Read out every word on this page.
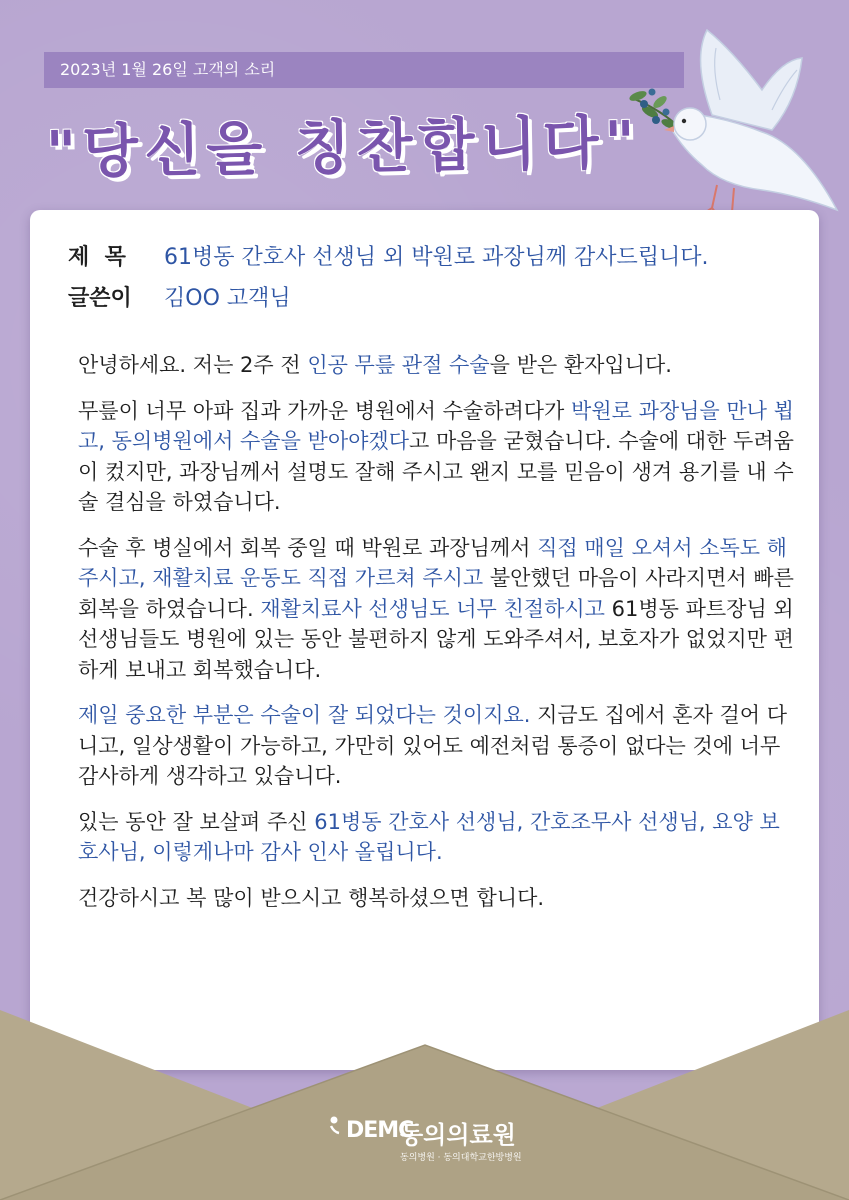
2023년 1월 26일 고객의 소리
"당신을 칭찬합니다"
제  목	61병동 간호사 선생님 외 박원로 과장님께 감사드립니다.
글쓴이	김OO 고객님

안녕하세요. 저는 2주 전 인공 무릎 관절 수술을 받은 환자입니다.

무릎이 너무 아파 집과 가까운 병원에서 수술하려다가 박원로 과장님을 만나 뵙고, 동의병원에서 수술을 받아야겠다고 마음을 굳혔습니다. 수술에 대한 두려움이 컸지만, 과장님께서 설명도 잘해 주시고 왠지 모를 믿음이 생겨 용기를 내 수술 결심을 하였습니다.

수술 후 병실에서 회복 중일 때 박원로 과장님께서 직접 매일 오셔서 소독도 해 주시고, 재활치료 운동도 직접 가르쳐 주시고 불안했던 마음이 사라지면서 빠른 회복을 하였습니다. 재활치료사 선생님도 너무 친절하시고 61병동 파트장님 외 선생님들도 병원에 있는 동안 불편하지 않게 도와주셔서, 보호자가 없었지만 편하게 보내고 회복했습니다.

제일 중요한 부분은 수술이 잘 되었다는 것이지요. 지금도 집에서 혼자 걸어 다니고, 일상생활이 가능하고, 가만히 있어도 예전처럼 통증이 없다는 것에 너무 감사하게 생각하고 있습니다.

있는 동안 잘 보살펴 주신 61병동 간호사 선생님, 간호조무사 선생님, 요양 보호사님, 이렇게나마 감사 인사 올립니다.

건강하시고 복 많이 받으시고 행복하셨으면 합니다.

DEMC
동의의료원
동의병원 · 동의대학교한방병원
